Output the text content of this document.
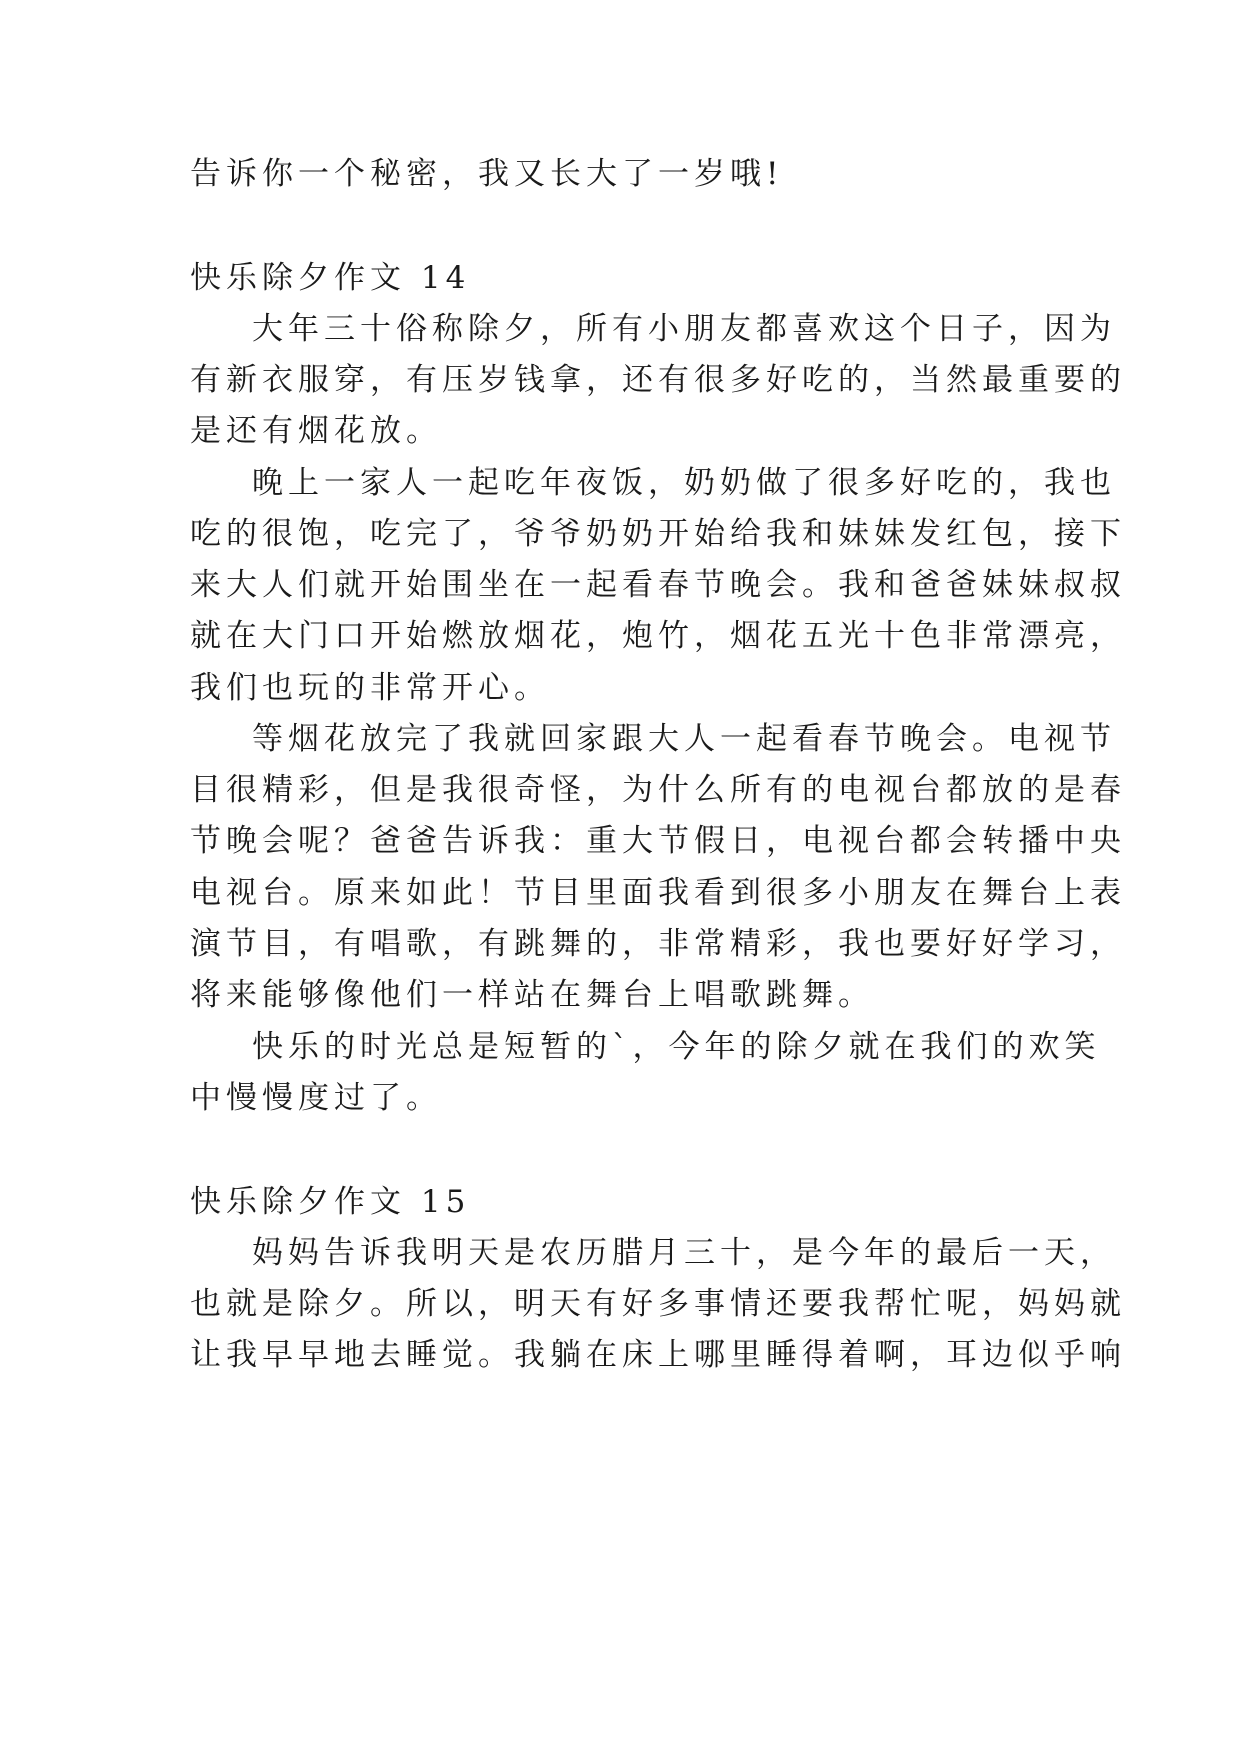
告诉你一个秘密，我又长大了一岁哦!
快乐除夕作文 14
大年三十俗称除夕，所有小朋友都喜欢这个日子，因为
有新衣服穿，有压岁钱拿，还有很多好吃的，当然最重要的
是还有烟花放。
晚上一家人一起吃年夜饭，奶奶做了很多好吃的，我也
吃的很饱，吃完了，爷爷奶奶开始给我和妹妹发红包，接下
来大人们就开始围坐在一起看春节晚会。我和爸爸妹妹叔叔
就在大门口开始燃放烟花，炮竹，烟花五光十色非常漂亮，
我们也玩的非常开心。
等烟花放完了我就回家跟大人一起看春节晚会。电视节
目很精彩，但是我很奇怪，为什么所有的电视台都放的是春
节晚会呢？爸爸告诉我：重大节假日，电视台都会转播中央
电视台。原来如此！节目里面我看到很多小朋友在舞台上表
演节目，有唱歌，有跳舞的，非常精彩，我也要好好学习，
将来能够像他们一样站在舞台上唱歌跳舞。
快乐的时光总是短暂的`，今年的除夕就在我们的欢笑
中慢慢度过了。
快乐除夕作文 15
妈妈告诉我明天是农历腊月三十，是今年的最后一天，
也就是除夕。所以，明天有好多事情还要我帮忙呢，妈妈就
让我早早地去睡觉。我躺在床上哪里睡得着啊，耳边似乎响
